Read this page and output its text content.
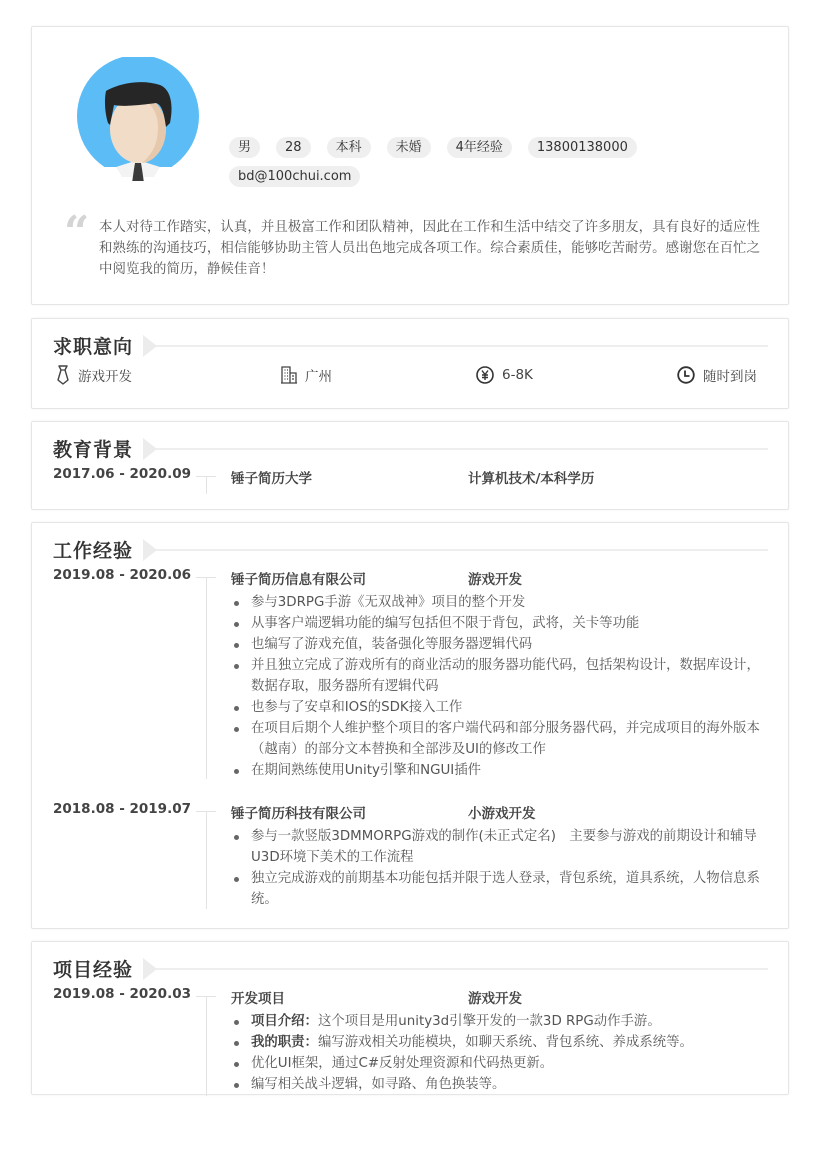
男	28	本科	未婚	4年经验	13800138000
bd@100chui.com
“ 本人对待工作踏实，认真，并且极富工作和团队精神，因此在工作和生活中结交了许多朋友，具有良好的适应性和熟练的沟通技巧，相信能够协助主管人员出色地完成各项工作。综合素质佳，能够吃苦耐劳。感谢您在百忙之中阅览我的简历，静候佳音！

求职意向
游戏开发	广州	6-8K	随时到岗
教育背景
2017.06 - 2020.09	锤子简历大学	计算机技术/本科学历
工作经验
2019.08 - 2020.06	锤子简历信息有限公司	游戏开发
参与3DRPG手游《无双战神》项目的整个开发
从事客户端逻辑功能的编写包括但不限于背包，武将，关卡等功能
也编写了游戏充值，装备强化等服务器逻辑代码
并且独立完成了游戏所有的商业活动的服务器功能代码，包括架构设计，数据库设计，数据存取，服务器所有逻辑代码
也参与了安卓和IOS的SDK接入工作
在项目后期个人维护整个项目的客户端代码和部分服务器代码，并完成项目的海外版本（越南）的部分文本替换和全部涉及UI的修改工作
在期间熟练使用Unity引擎和NGUI插件
2018.08 - 2019.07	锤子简历科技有限公司	小游戏开发
参与一款竖版3DMMORPG游戏的制作(未正式定名)　主要参与游戏的前期设计和辅导U3D环境下美术的工作流程
独立完成游戏的前期基本功能包括并限于选人登录，背包系统，道具系统，人物信息系统。
项目经验
2019.08 - 2020.03	开发项目	游戏开发
项目介绍：这个项目是用unity3d引擎开发的一款3D RPG动作手游。
我的职责：编写游戏相关功能模块，如聊天系统、背包系统、养成系统等。
优化UI框架，通过C#反射处理资源和代码热更新。
编写相关战斗逻辑，如寻路、角色换装等。
